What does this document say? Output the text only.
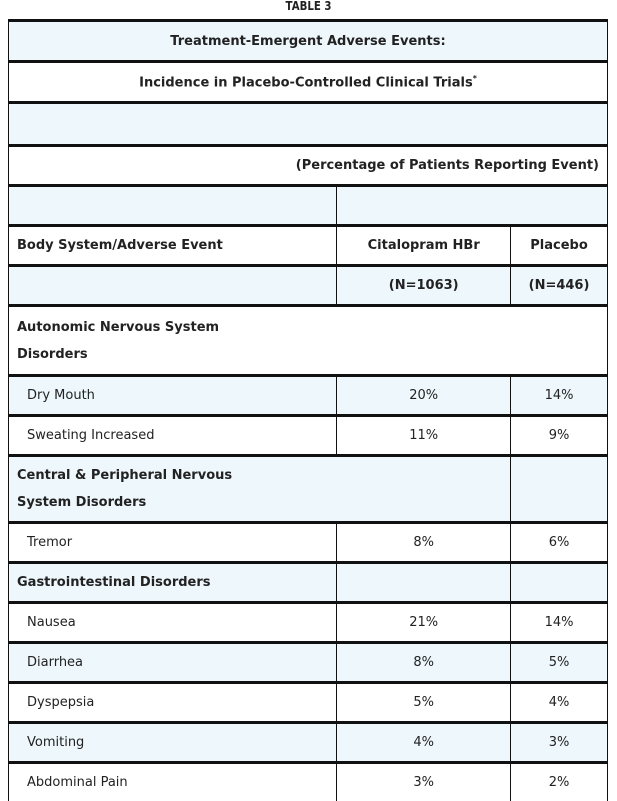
TABLE 3
Treatment-Emergent Adverse Events:		
Incidence in Placebo-Controlled Clinical Trials*

(Percentage of Patients Reporting Event)		

Body System/Adverse Event	Citalopram HBr	Placebo
	(N=1063)	(N=446)

Autonomic Nervous System Disorders		

Dry Mouth	20%	14%
Sweating Increased	11%	9%

Central & Peripheral Nervous System Disorders		

Tremor	8%	6%
Gastrointestinal Disorders		
Nausea	21%	14%
Diarrhea	8%	5%
Dyspepsia	5%	4%
Vomiting	4%	3%
Abdominal Pain	3%	2%
